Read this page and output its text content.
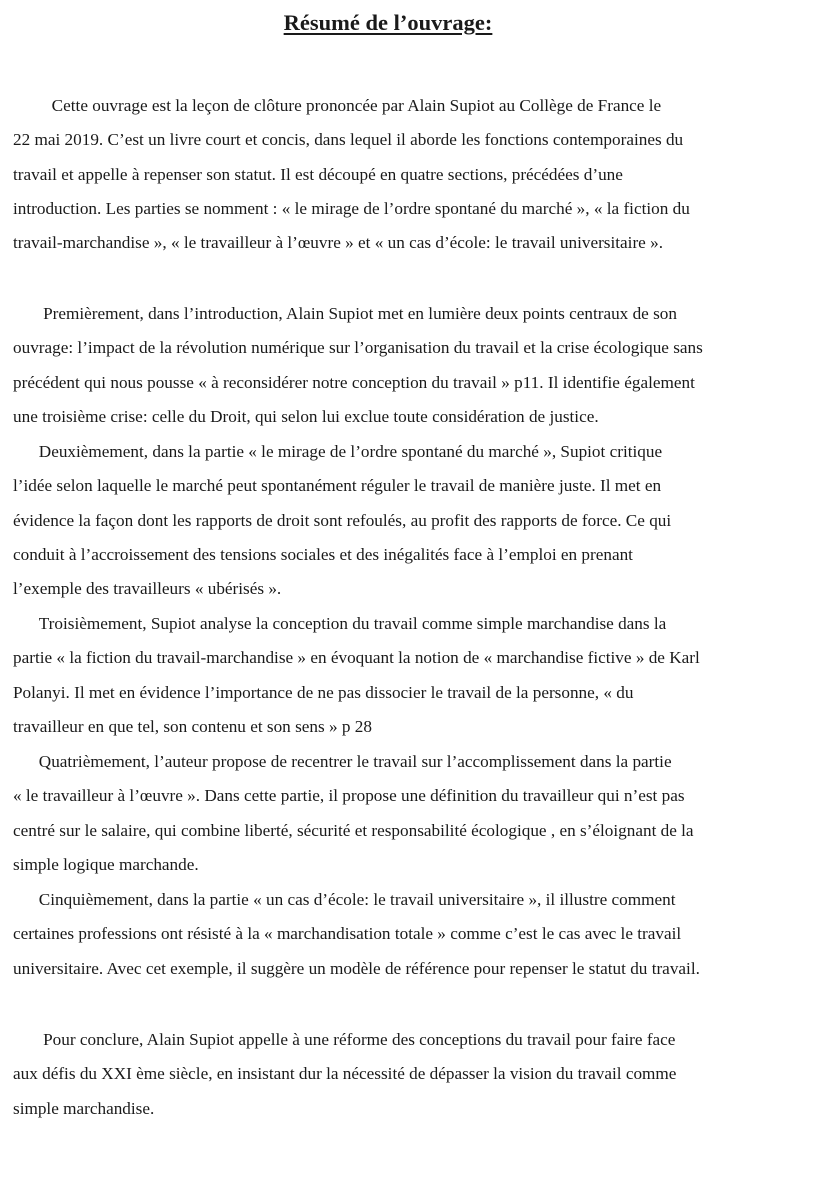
Résumé de l’ouvrage:
Cette ouvrage est la leçon de clôture prononcée par Alain Supiot au Collège de France le
22 mai 2019. C’est un livre court et concis, dans lequel il aborde les fonctions contemporaines du
travail et appelle à repenser son statut. Il est découpé en quatre sections, précédées d’une
introduction. Les parties se nomment : « le mirage de l’ordre spontané du marché », « la fiction du
travail-marchandise », « le travailleur à l’œuvre » et « un cas d’école: le travail universitaire ».
Premièrement, dans l’introduction, Alain Supiot met en lumière deux points centraux de son
ouvrage: l’impact de la révolution numérique sur l’organisation du travail et la crise écologique sans
précédent qui nous pousse « à reconsidérer notre conception du travail » p11. Il identifie également
une troisième crise: celle du Droit, qui selon lui exclue toute considération de justice.
Deuxièmement, dans la partie « le mirage de l’ordre spontané du marché », Supiot critique
l’idée selon laquelle le marché peut spontanément réguler le travail de manière juste. Il met en
évidence la façon dont les rapports de droit sont refoulés, au profit des rapports de force. Ce qui
conduit à l’accroissement des tensions sociales et des inégalités face à l’emploi en prenant
l’exemple des travailleurs « ubérisés ».
Troisièmement, Supiot analyse la conception du travail comme simple marchandise dans la
partie « la fiction du travail-marchandise » en évoquant la notion de « marchandise fictive » de Karl
Polanyi. Il met en évidence l’importance de ne pas dissocier le travail de la personne, « du
travailleur en que tel, son contenu et son sens » p 28
Quatrièmement, l’auteur propose de recentrer le travail sur l’accomplissement dans la partie
« le travailleur à l’œuvre ». Dans cette partie, il propose une définition du travailleur qui n’est pas
centré sur le salaire, qui combine liberté, sécurité et responsabilité écologique , en s’éloignant de la
simple logique marchande.
Cinquièmement, dans la partie « un cas d’école: le travail universitaire », il illustre comment
certaines professions ont résisté à la « marchandisation totale » comme c’est le cas avec le travail
universitaire. Avec cet exemple, il suggère un modèle de référence pour repenser le statut du travail.
Pour conclure, Alain Supiot appelle à une réforme des conceptions du travail pour faire face
aux défis du XXI ème siècle, en insistant dur la nécessité de dépasser la vision du travail comme
simple marchandise.
